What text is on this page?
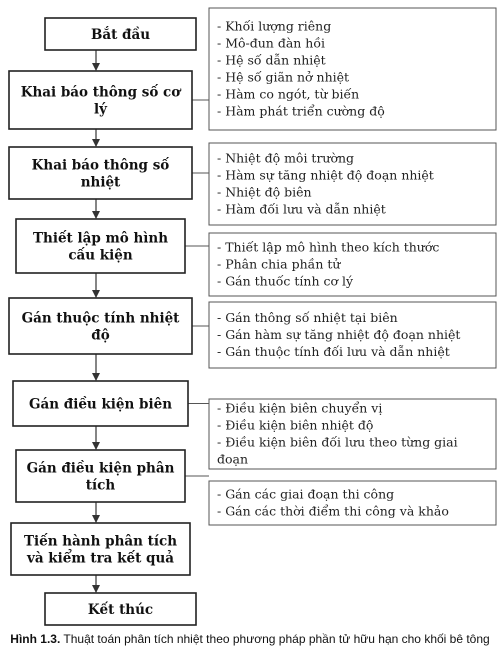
Bắt đầu
Khai báo thông số cơ
lý
Khai báo thông số
nhiệt
Thiết lập mô hình
cấu kiện
Gán thuộc tính nhiệt
độ
Gán điều kiện biên
Gán điều kiện phân
tích
Tiến hành phân tích
và kiểm tra kết quả
Kết thúc
- Khối lượng riêng
- Mô-đun đàn hồi
- Hệ số dẫn nhiệt
- Hệ số giãn nở nhiệt
- Hàm co ngót, từ biến
- Hàm phát triển cường độ
- Nhiệt độ môi trường
- Hàm sự tăng nhiệt độ đoạn nhiệt
- Nhiệt độ biên
- Hàm đối lưu và dẫn nhiệt
- Thiết lập mô hình theo kích thước
- Phân chia phần tử
- Gán thuốc tính cơ lý
- Gán thông số nhiệt tại biên
- Gán hàm sự tăng nhiệt độ đoạn nhiệt
- Gán thuộc tính đối lưu và dẫn nhiệt
- Điều kiện biên chuyển vị
- Điều kiện biên nhiệt độ
- Điều kiện biên đối lưu theo từng giai
đoạn
- Gán các giai đoạn thi công
- Gán các thời điểm thi công và khảo
Hình 1.3. Thuật toán phân tích nhiệt theo phương pháp phần tử hữu hạn cho khối bê tông
